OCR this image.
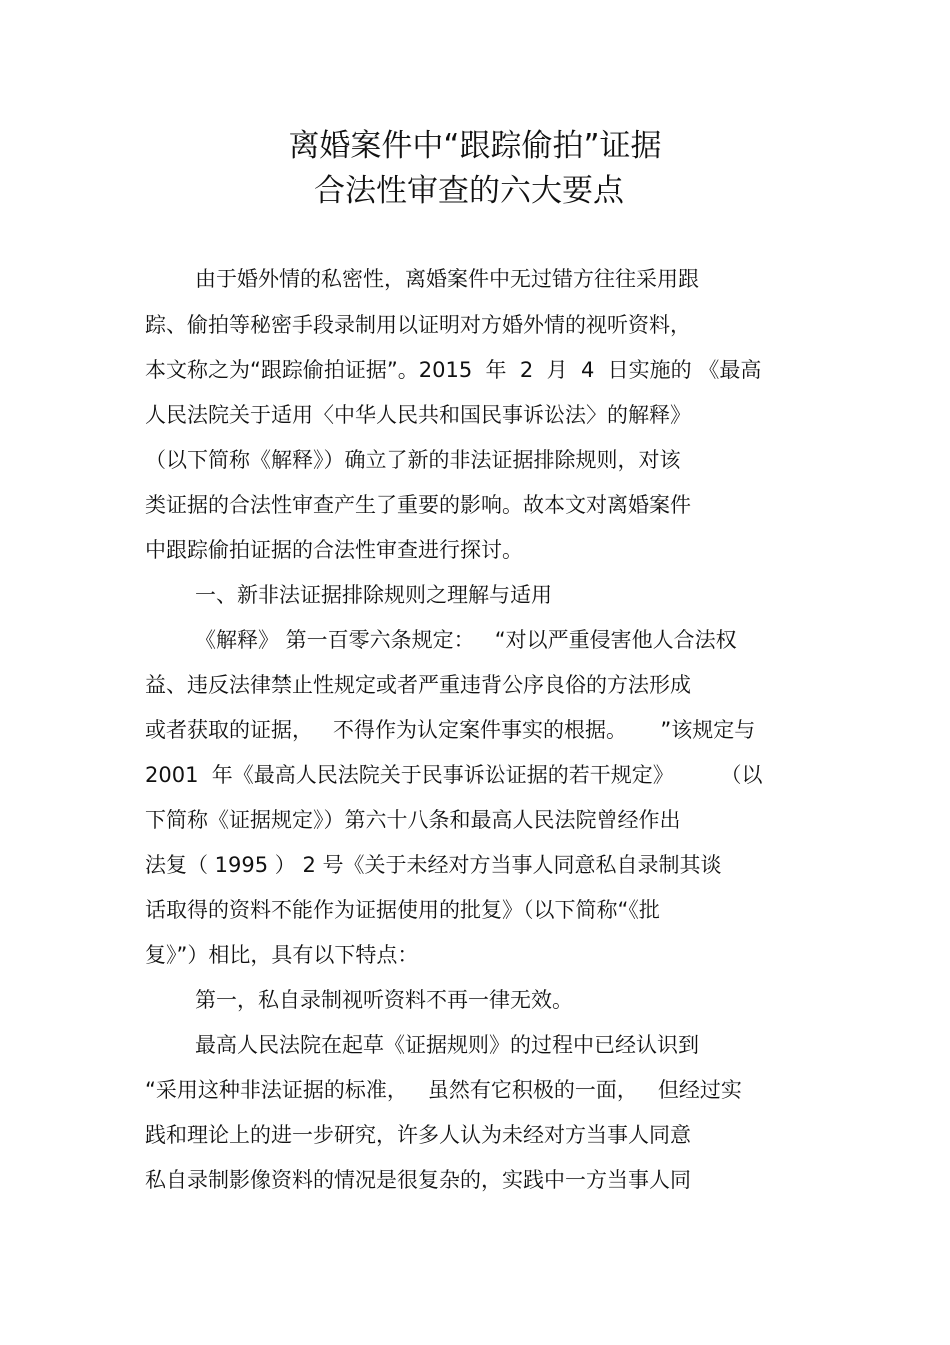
离婚案件中“跟踪偷拍”证据
合法性审查的六大要点
由于婚外情的私密性，离婚案件中无过错方往往采用跟
踪、偷拍等秘密手段录制用以证明对方婚外情的视听资料，
本文称之为“跟踪偷拍证据”。2015  年  2  月  4  日实施的 《最高
人民法院关于适用〈中华人民共和国民事诉讼法〉的解释》
（以下简称《解释》）确立了新的非法证据排除规则，对该
类证据的合法性审查产生了重要的影响。故本文对离婚案件
中跟踪偷拍证据的合法性审查进行探讨。
一、新非法证据排除规则之理解与适用
《解释》 第一百零六条规定：   “对以严重侵害他人合法权
益、违反法律禁止性规定或者严重违背公序良俗的方法形成
或者获取的证据，   不得作为认定案件事实的根据。     ”该规定与
2001  年《最高人民法院关于民事诉讼证据的若干规定》       （以
下简称《证据规定》）第六十八条和最高人民法院曾经作出
法复（ 1995 ） 2 号《关于未经对方当事人同意私自录制其谈
话取得的资料不能作为证据使用的批复》（以下简称“《批
复》”）相比，具有以下特点：
第一，私自录制视听资料不再一律无效。
最高人民法院在起草《证据规则》的过程中已经认识到
“采用这种非法证据的标准，   虽然有它积极的一面，   但经过实
践和理论上的进一步研究，许多人认为未经对方当事人同意
私自录制影像资料的情况是很复杂的，实践中一方当事人同
